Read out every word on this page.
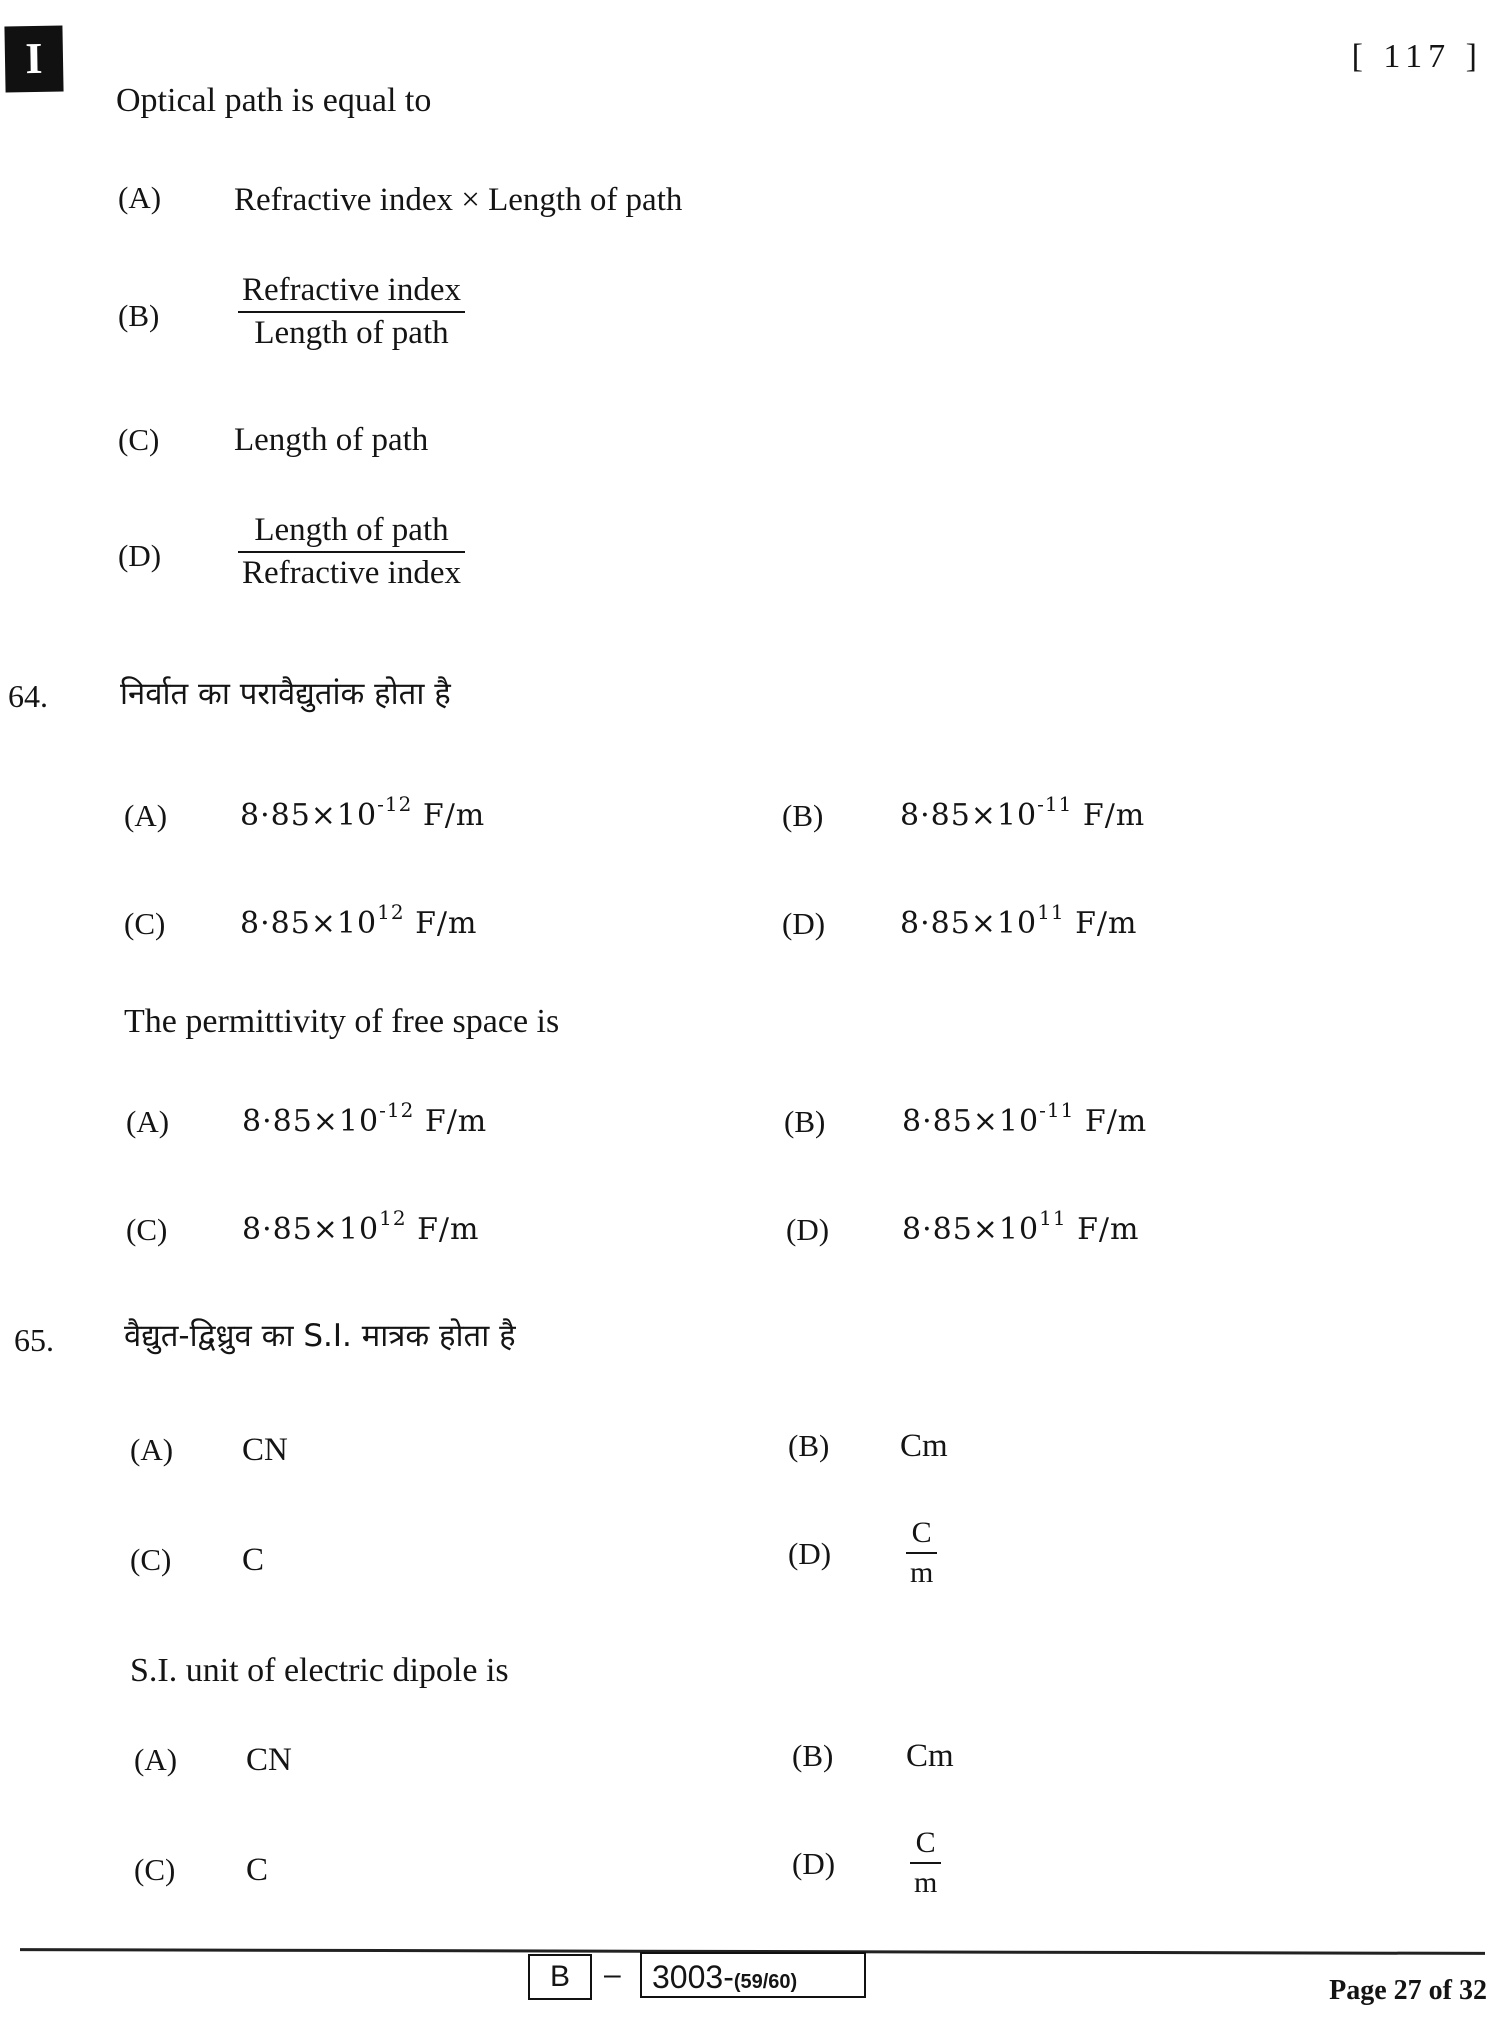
I	[ 117 ]
Optical path is equal to
(A) Refractive index × Length of path
(B)
Refractive index
Length of path
(C) Length of path
(D)
Length of path
Refractive index
64. निर्वात का परावैद्युतांक होता है
(A) $8\cdot 85\times 10^{-12}$ F/m	(B)	$8\cdot 85\times 10^{-11}$ F/m
(C) $8\cdot 85\times 10^{12}$ F/m	(D) $8\cdot 85\times 10^{11}$ F/m
The permittivity of free space is
(A) $8\cdot 85\times 10^{-12}$ F/m	(B)	$8\cdot 85\times 10^{-11}$ F/m
(C) $8\cdot 85\times 10^{12}$ F/m	(D) $8\cdot 85\times 10^{11}$ F/m
65. वैद्युत-द्विध्रुव का S.I. मात्रक होता है
(A) CN	(B) Cm
(C) C	$(D) \frac{C}{m}$
S.I. unit of electric dipole is
(A) CN	(B) Cm
(C) C	$(D) \frac{C}{m}$
B	– 3003-(59/60)	Page 27 of 32
